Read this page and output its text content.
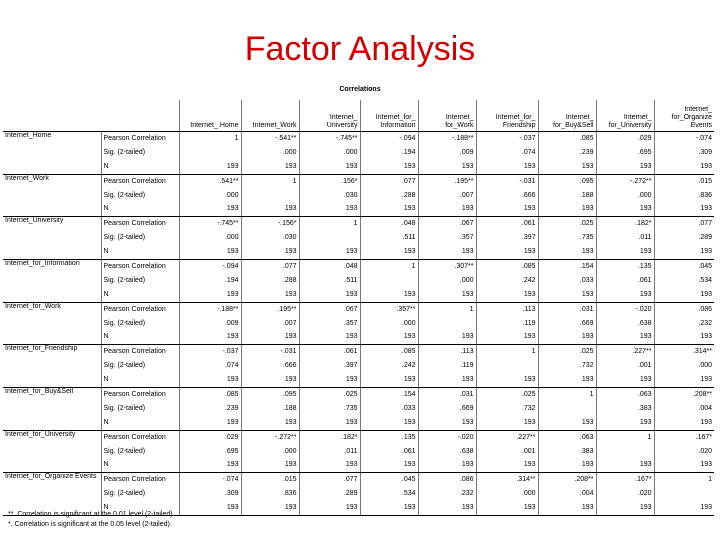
Factor Analysis
Correlations
		Internet_ Home	Internet_Work	Internet_ University	Internet_for_ Information	Internet_ for_Work	Internet_for_ Friendship	Internet_ for_Buy&Sell	Internet_ for_University	Internet_ for_Organize Events
Internet_Home	Pearson Correlation	1	-.541**	-.745**	-.094	-.188**	-.037	.085	.029	-.074
	Sig. (2-tailed)		.000	.000	.194	.009	.074	.239	.695	.309
	N	193	193	193	193	193	193	193	193	193
Internet_Work	Pearson Correlation	.541**	1	.156*	.077	.195**	-.031	.095	-.272**	.015
	Sig. (2-tailed)	.000		.030	.288	.007	.666	.188	.000	.836
	N	193	193	193	193	193	193	193	193	193
Internet_University	Pearson Correlation	-.745**	-.156*	1	.048	.067	.061	.025	.182*	.077
	Sig. (2-tailed)	.000	.030		.511	.357	.397	.735	.011	.289
	N	193	193	193	193	193	193	193	193	193
Internet_for_Information	Pearson Correlation	-.094	.077	.048	1	.307**	.085	.154	.135	.045
	Sig. (2-tailed)	.194	.288	.511		.000	.242	.033	.061	.534
	N	193	193	193	193	193	193	193	193	193
Internet_for_Work	Pearson Correlation	-.188**	.195**	.067	.357**	1	.113	.031	-.020	.086
	Sig. (2-tailed)	.009	.007	.357	.000		.119	.669	.638	.232
	N	193	193	193	193	193	193	193	193	193
Internet_for_Friendship	Pearson Correlation	-.037	-.031	.061	.085	.113	1	.025	.227**	.314**
	Sig. (2-tailed)	.074	.666	.397	.242	.119		.732	.001	.000
	N	193	193	193	193	193	193	193	193	193
Internet_for_Buy&Sell	Pearson Correlation	.085	.095	.025	.154	.031	.025	1	.063	.208**
	Sig. (2-tailed)	.239	.188	.735	.033	.669	.732		.383	.004
	N	193	193	193	193	193	193	193	193	193
Internet_for_University	Pearson Correlation	.029	-.272**	.182*	.135	-.020	.227**	.063	1	.167*
	Sig. (2-tailed)	.695	.000	.011	.061	.638	.001	.383		.020
	N	193	193	193	193	193	193	193	193	193
Internet_for_Organize Events	Pearson Correlation	-.074	.015	.077	.045	.086	.314**	.208**	.167*	1
	Sig. (2-tailed)	.309	.836	.289	.534	.232	.000	.004	.020	
	N	193	193	193	193	193	193	193	193	193
**. Correlation is significant at the 0.01 level (2-tailed).
*. Correlation is significant at the 0.05 level (2-tailed).
